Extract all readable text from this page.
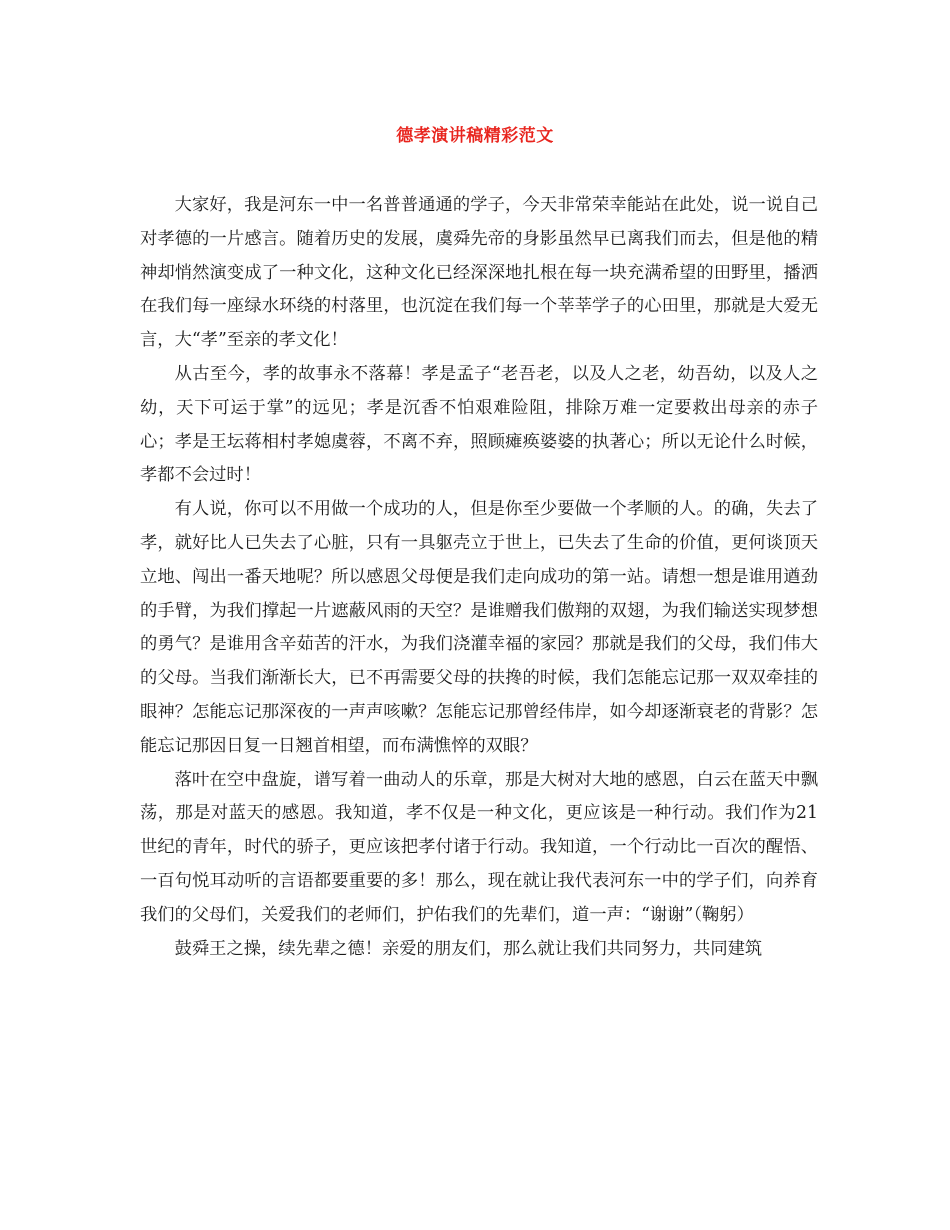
德孝演讲稿精彩范文

大家好，我是河东一中一名普普通通的学子，今天非常荣幸能站在此处，说一说自己对孝德的一片感言。随着历史的发展，虞舜先帝的身影虽然早已离我们而去，但是他的精神却悄然演变成了一种文化，这种文化已经深深地扎根在每一块充满希望的田野里，播洒在我们每一座绿水环绕的村落里，也沉淀在我们每一个莘莘学子的心田里，那就是大爱无言，大“孝”至亲的孝文化！

从古至今，孝的故事永不落幕！孝是孟子“老吾老，以及人之老，幼吾幼，以及人之幼，天下可运于掌”的远见；孝是沉香不怕艰难险阻，排除万难一定要救出母亲的赤子心；孝是王坛蒋相村孝媳虞蓉，不离不弃，照顾瘫痪婆婆的执著心；所以无论什么时候，孝都不会过时！

有人说，你可以不用做一个成功的人，但是你至少要做一个孝顺的人。的确，失去了孝，就好比人已失去了心脏，只有一具躯壳立于世上，已失去了生命的价值，更何谈顶天立地、闯出一番天地呢？所以感恩父母便是我们走向成功的第一站。请想一想是谁用遒劲的手臂，为我们撑起一片遮蔽风雨的天空？是谁赠我们傲翔的双翅，为我们输送实现梦想的勇气？是谁用含辛茹苦的汗水，为我们浇灌幸福的家园？那就是我们的父母，我们伟大的父母。当我们渐渐长大，已不再需要父母的扶搀的时候，我们怎能忘记那一双双牵挂的眼神？怎能忘记那深夜的一声声咳嗽？怎能忘记那曾经伟岸，如今却逐渐衰老的背影？怎能忘记那因日复一日翘首相望，而布满憔悴的双眼？

落叶在空中盘旋，谱写着一曲动人的乐章，那是大树对大地的感恩，白云在蓝天中飘荡，那是对蓝天的感恩。我知道，孝不仅是一种文化，更应该是一种行动。我们作为21世纪的青年，时代的骄子，更应该把孝付诸于行动。我知道，一个行动比一百次的醒悟、一百句悦耳动听的言语都要重要的多！那么，现在就让我代表河东一中的学子们，向养育我们的父母们，关爱我们的老师们，护佑我们的先辈们，道一声：“谢谢”（鞠躬）

鼓舜王之操，续先辈之德！亲爱的朋友们，那么就让我们共同努力，共同建筑
